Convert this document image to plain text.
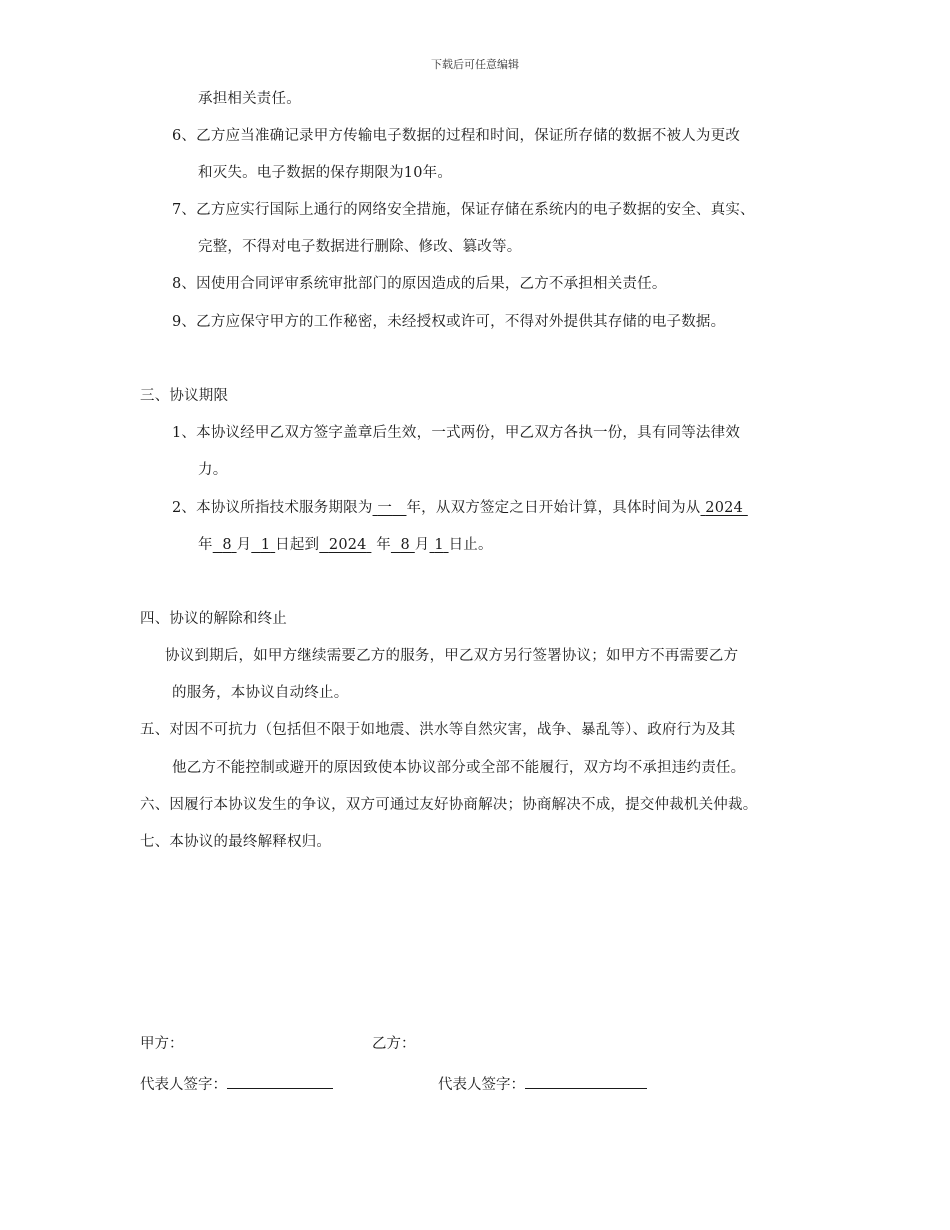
下载后可任意编辑
承担相关责任。
6、乙方应当准确记录甲方传输电子数据的过程和时间，保证所存储的数据不被人为更改
和灭失。电子数据的保存期限为10年。
7、乙方应实行国际上通行的网络安全措施，保证存储在系统内的电子数据的安全、真实、
完整，不得对电子数据进行删除、修改、篡改等。
8、因使用合同评审系统审批部门的原因造成的后果，乙方不承担相关责任。
9、乙方应保守甲方的工作秘密，未经授权或许可，不得对外提供其存储的电子数据。
三、协议期限
1、本协议经甲乙双方签字盖章后生效，一式两份，甲乙双方各执一份，具有同等法律效
力。
2、本协议所指技术服务期限为 一 年，从双方签定之日开始计算，具体时间为从 2024
年 8 月 1 日起到 2024 年 8 月 1 日止。
四、协议的解除和终止
协议到期后，如甲方继续需要乙方的服务，甲乙双方另行签署协议；如甲方不再需要乙方
的服务，本协议自动终止。
五、对因不可抗力（包括但不限于如地震、洪水等自然灾害，战争、暴乱等）、政府行为及其
他乙方不能控制或避开的原因致使本协议部分或全部不能履行，双方均不承担违约责任。
六、因履行本协议发生的争议，双方可通过友好协商解决；协商解决不成，提交仲裁机关仲裁。
七、本协议的最终解释权归。
甲方：	乙方：
代表人签字：	代表人签字：
